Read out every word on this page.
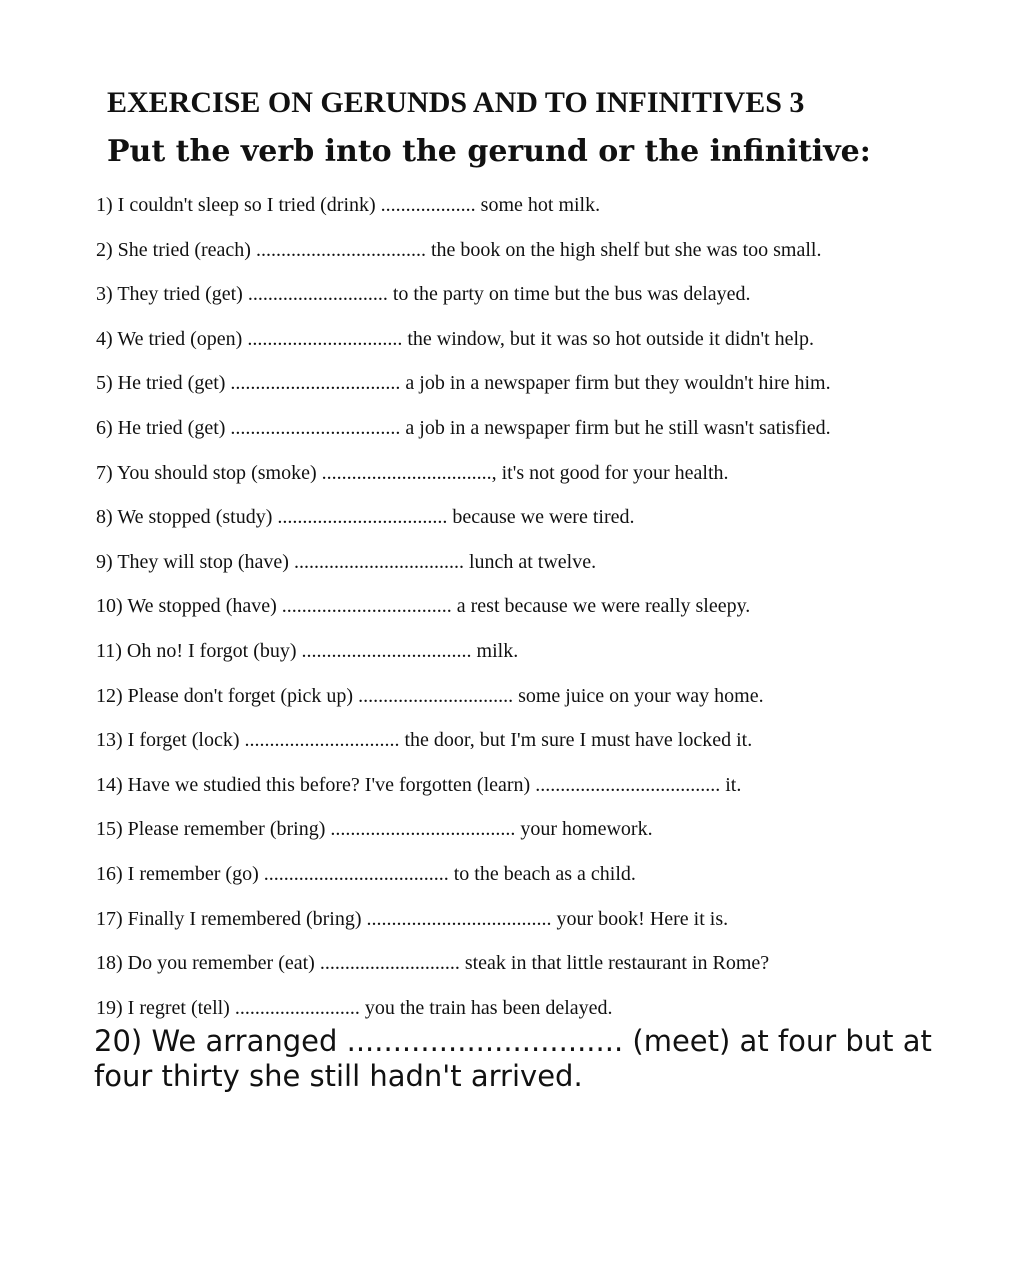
EXERCISE ON GERUNDS AND TO INFINITIVES 3
Put the verb into the gerund or the infinitive:
1) I couldn't sleep so I tried (drink) ................... some hot milk.
2) She tried (reach) .................................. the book on the high shelf but she was too small.
3) They tried (get) ............................ to the party on time but the bus was delayed.
4) We tried (open) ............................... the window, but it was so hot outside it didn't help.
5) He tried (get) .................................. a job in a newspaper firm but they wouldn't hire him.
6) He tried (get) .................................. a job in a newspaper firm but he still wasn't satisfied.
7) You should stop (smoke) .................................., it's not good for your health.
8) We stopped (study) .................................. because we were tired.
9) They will stop (have) .................................. lunch at twelve.
10) We stopped (have) .................................. a rest because we were really sleepy.
11) Oh no! I forgot (buy) .................................. milk.
12) Please don't forget (pick up) ............................... some juice on your way home.
13) I forget (lock) ............................... the door, but I'm sure I must have locked it.
14) Have we studied this before? I've forgotten (learn) ..................................... it.
15) Please remember (bring) ..................................... your homework.
16) I remember (go) ..................................... to the beach as a child.
17) Finally I remembered (bring) ..................................... your book! Here it is.
18) Do you remember (eat) ............................ steak in that little restaurant in Rome?
19) I regret (tell) ......................... you the train has been delayed.

20) We arranged .............................. (meet) at four but at four thirty she still hadn't arrived.
